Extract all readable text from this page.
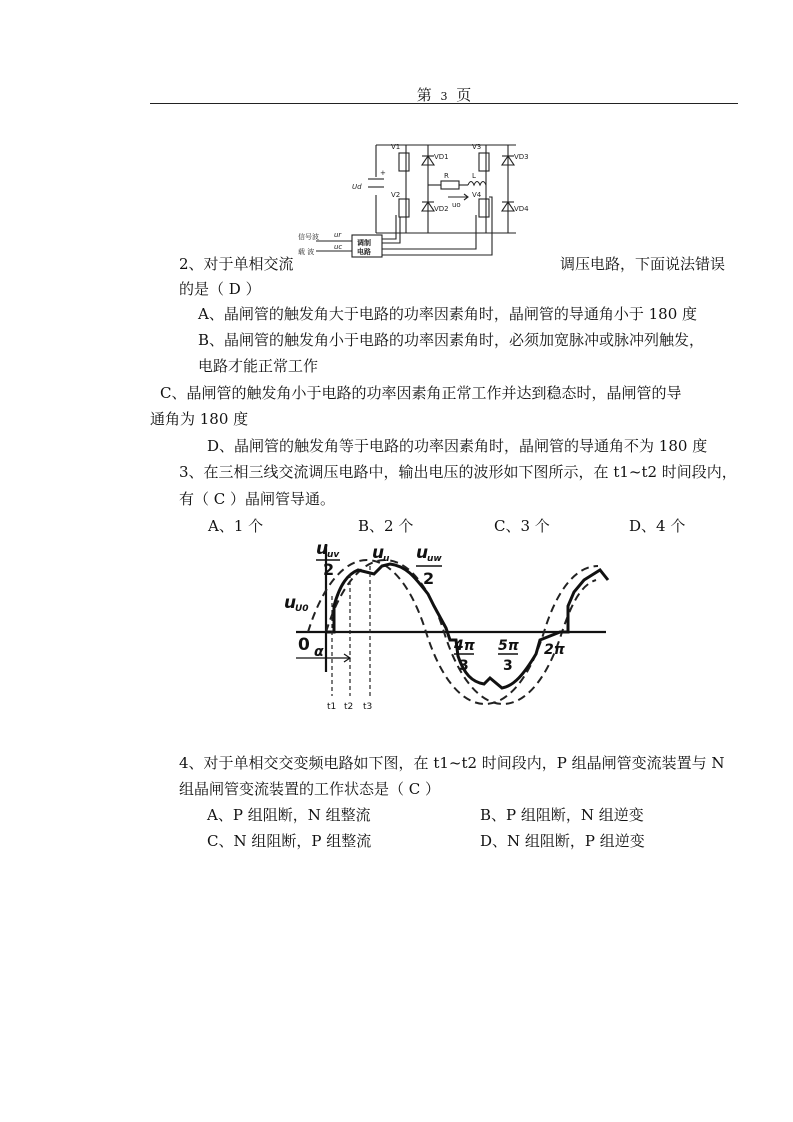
第 3 页
VD1
VD2
VD3
VD4
R	L
uo
Ud
+
信号波
载 波
ur
uc 调制
电路
V1
V2
V3
V4
2、对于单相交流	调压电路，下面说法错误
的是（ D ）
A、晶闸管的触发角大于电路的功率因素角时，晶闸管的导通角小于 180 度
B、晶闸管的触发角小于电路的功率因素角时，必须加宽脉冲或脉冲列触发，
电路才能正常工作
C、晶闸管的触发角小于电路的功率因素角正常工作并达到稳态时，晶闸管的导
通角为 180 度
D、晶闸管的触发角等于电路的功率因素角时，晶闸管的导通角不为 180 度
3、在三相三线交流调压电路中，输出电压的波形如下图所示，在 t1~t2 时间段内，
有（ C ）晶闸管导通。
A、1 个	B、2 个	C、3 个	D、4 个
u
uv
2
u
u u
uw
2
u
U0
0 α	4π
3
5π
3
2π
t1 t2 t3
4、对于单相交交变频电路如下图，在 t1~t2 时间段内，P 组晶闸管变流装置与 N
组晶闸管变流装置的工作状态是（ C ）
A、P 组阻断，N 组整流	B、P 组阻断，N 组逆变
C、N 组阻断，P 组整流	D、N 组阻断，P 组逆变
